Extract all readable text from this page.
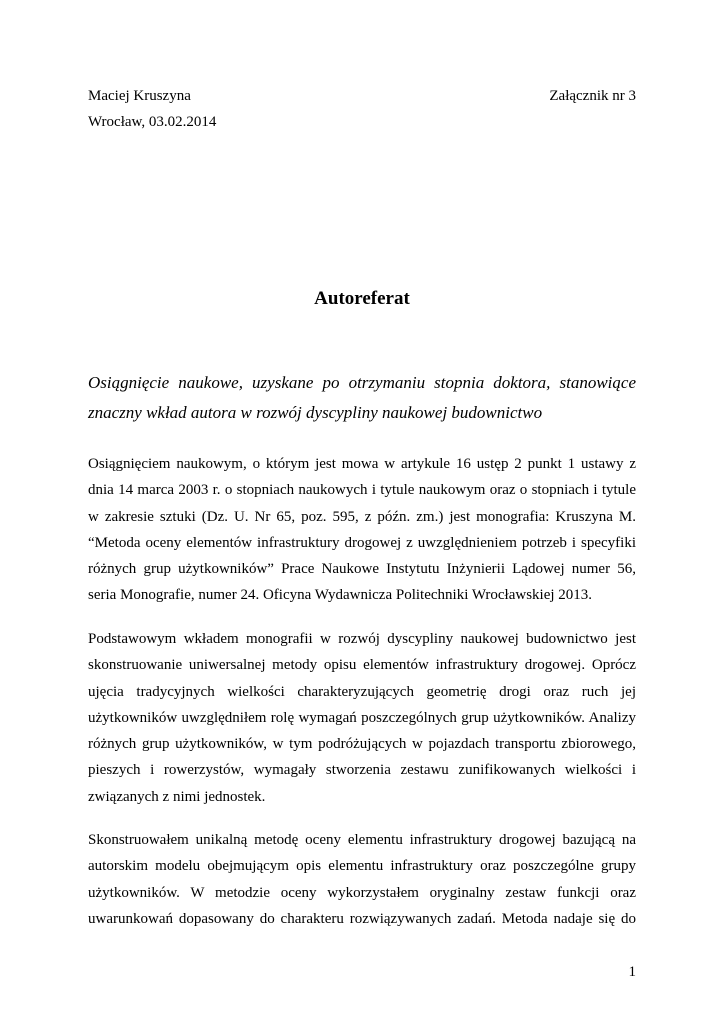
Maciej Kruszyna	Załącznik nr 3
Wrocław, 03.02.2014
Autoreferat
Osiągnięcie naukowe, uzyskane po otrzymaniu stopnia doktora, stanowiące znaczny wkład autora w rozwój dyscypliny naukowej budownictwo
Osiągnięciem naukowym, o którym jest mowa w artykule 16 ustęp 2 punkt 1 ustawy z dnia 14 marca 2003 r. o stopniach naukowych i tytule naukowym oraz o stopniach i tytule w zakresie sztuki (Dz. U. Nr 65, poz. 595, z późn. zm.) jest monografia: Kruszyna M. “Metoda oceny elementów infrastruktury drogowej z uwzględnieniem potrzeb i specyfiki różnych grup użytkowników” Prace Naukowe Instytutu Inżynierii Lądowej numer 56, seria Monografie, numer 24. Oficyna Wydawnicza Politechniki Wrocławskiej 2013.
Podstawowym wkładem monografii w rozwój dyscypliny naukowej budownictwo jest skonstruowanie uniwersalnej metody opisu elementów infrastruktury drogowej. Oprócz ujęcia tradycyjnych wielkości charakteryzujących geometrię drogi oraz ruch jej użytkowników uwzględniłem rolę wymagań poszczególnych grup użytkowników. Analizy różnych grup użytkowników, w tym podróżujących w pojazdach transportu zbiorowego, pieszych i rowerzystów, wymagały stworzenia zestawu zunifikowanych wielkości i związanych z nimi jednostek.
Skonstruowałem unikalną metodę oceny elementu infrastruktury drogowej bazującą na autorskim modelu obejmującym opis elementu infrastruktury oraz poszczególne grupy użytkowników. W metodzie oceny wykorzystałem oryginalny zestaw funkcji oraz uwarunkowań dopasowany do charakteru rozwiązywanych zadań. Metoda nadaje się do
1
